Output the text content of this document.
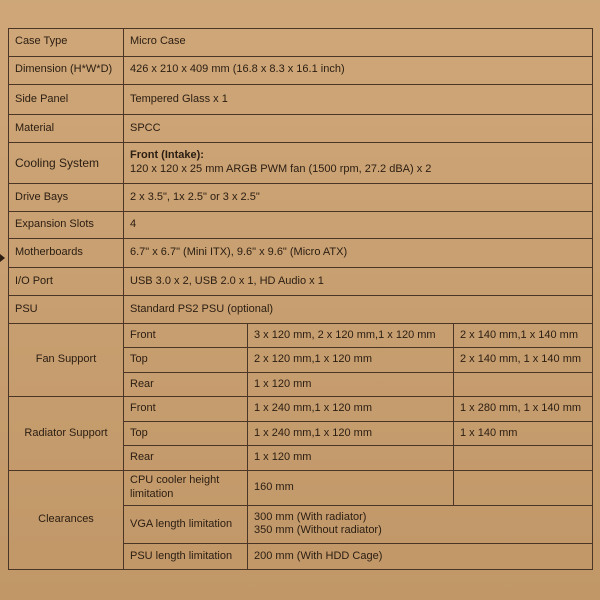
Case Type	Micro Case		
Dimension (H*W*D)	426 x 210 x 409 mm (16.8 x 8.3 x 16.1 inch)		
Side Panel	Tempered Glass x 1		
Material	SPCC		
Cooling System	Front (Intake):
120 x 120 x 25 mm ARGB PWM fan (1500 rpm, 27.2 dBA) x 2		

Drive Bays	2 x 3.5", 1x 2.5" or 3 x 2.5"		
Expansion Slots	4		
Motherboards	6.7" x 6.7" (Mini ITX), 9.6" x 9.6" (Micro ATX)		
I/O Port	USB 3.0 x 2, USB 2.0 x 1, HD Audio x 1		
PSU	Standard PS2 PSU (optional)		
Fan Support	Front	3 x 120 mm, 2 x 120 mm,1 x 120 mm	2 x 140 mm,1 x 140 mm
	Top	2 x 120 mm,1 x 120 mm	2 x 140 mm, 1 x 140 mm
	Rear	1 x 120 mm	
Radiator Support	Front	1 x 240 mm,1 x 120 mm	1 x 280 mm, 1 x 140 mm
	Top	1 x 240 mm,1 x 120 mm	1 x 140 mm
	Rear	1 x 120 mm	
Clearances	CPU cooler height limitation	160 mm	
	VGA length limitation	300 mm (With radiator)
350 mm (Without radiator)	

	PSU length limitation	200 mm (With HDD Cage)	
